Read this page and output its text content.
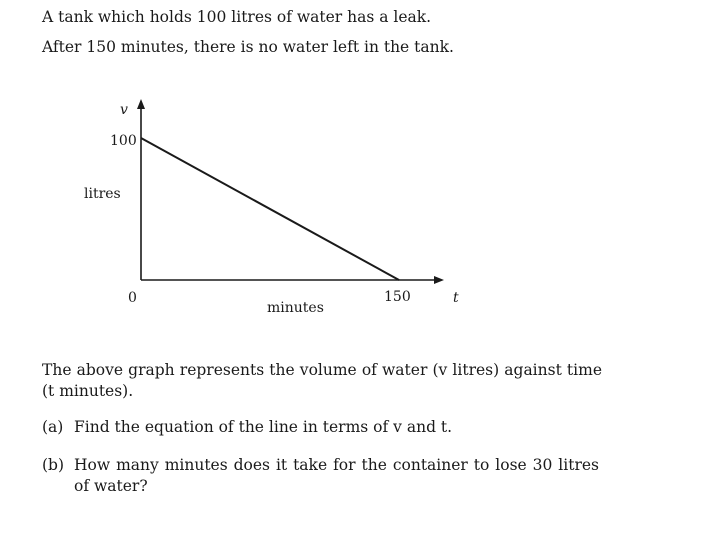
A tank which holds 100 litres of water has a leak.
After 150 minutes, there is no water left in the tank.
v
100
litres
0	150	t
minutes
The above graph represents the volume of water (v litres) against time (t minutes).
(a) Find the equation of the line in terms of v and t.
(b) How many minutes does it take for the container to lose 30 litres of water?
